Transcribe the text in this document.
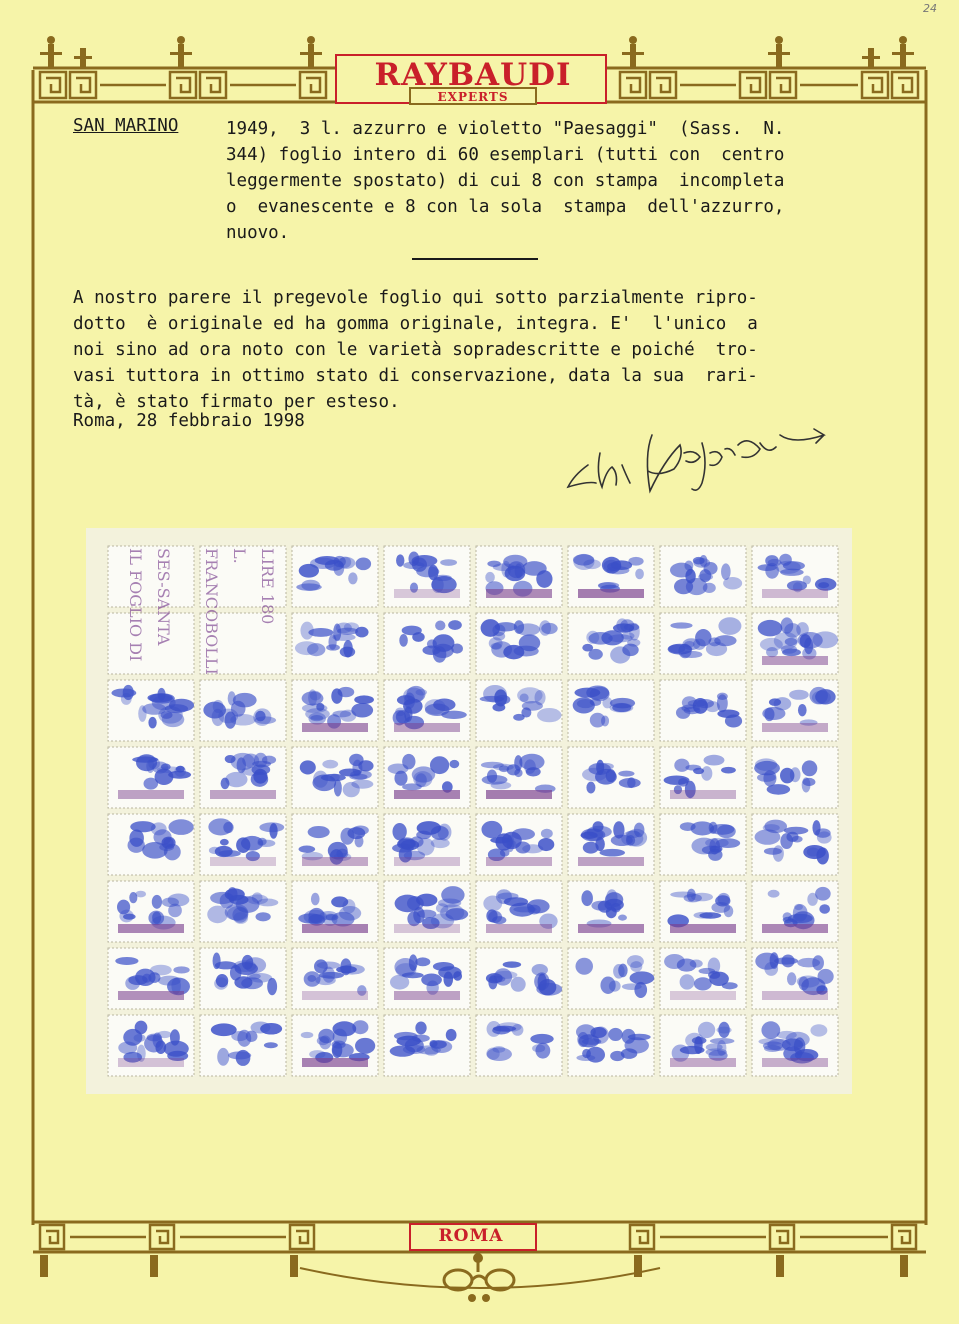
24
RAYBAUDI
EXPERTS
SAN MARINO	1949,  3 l. azzurro e violetto "Paesaggi"  (Sass.  N.
344) foglio intero di 60 esemplari (tutti con  centro
leggermente spostato) di cui 8 con stampa  incompleta
o  evanescente e 8 con la sola  stampa  dell'azzurro,
nuovo.
A nostro parere il pregevole foglio qui sotto parzialmente ripro-
dotto  è originale ed ha gomma originale, integra. E'  l'unico  a
noi sino ad ora noto con le varietà sopradescritte e poiché  tro-
vasi tuttora in ottimo stato di conservazione, data la sua  rari-
tà, è stato firmato per esteso.
Roma, 28 febbraio 1998
IL FOGLIO DI SES-SANTA FRANCOBOLLI L. LIRE 180
ROMA
